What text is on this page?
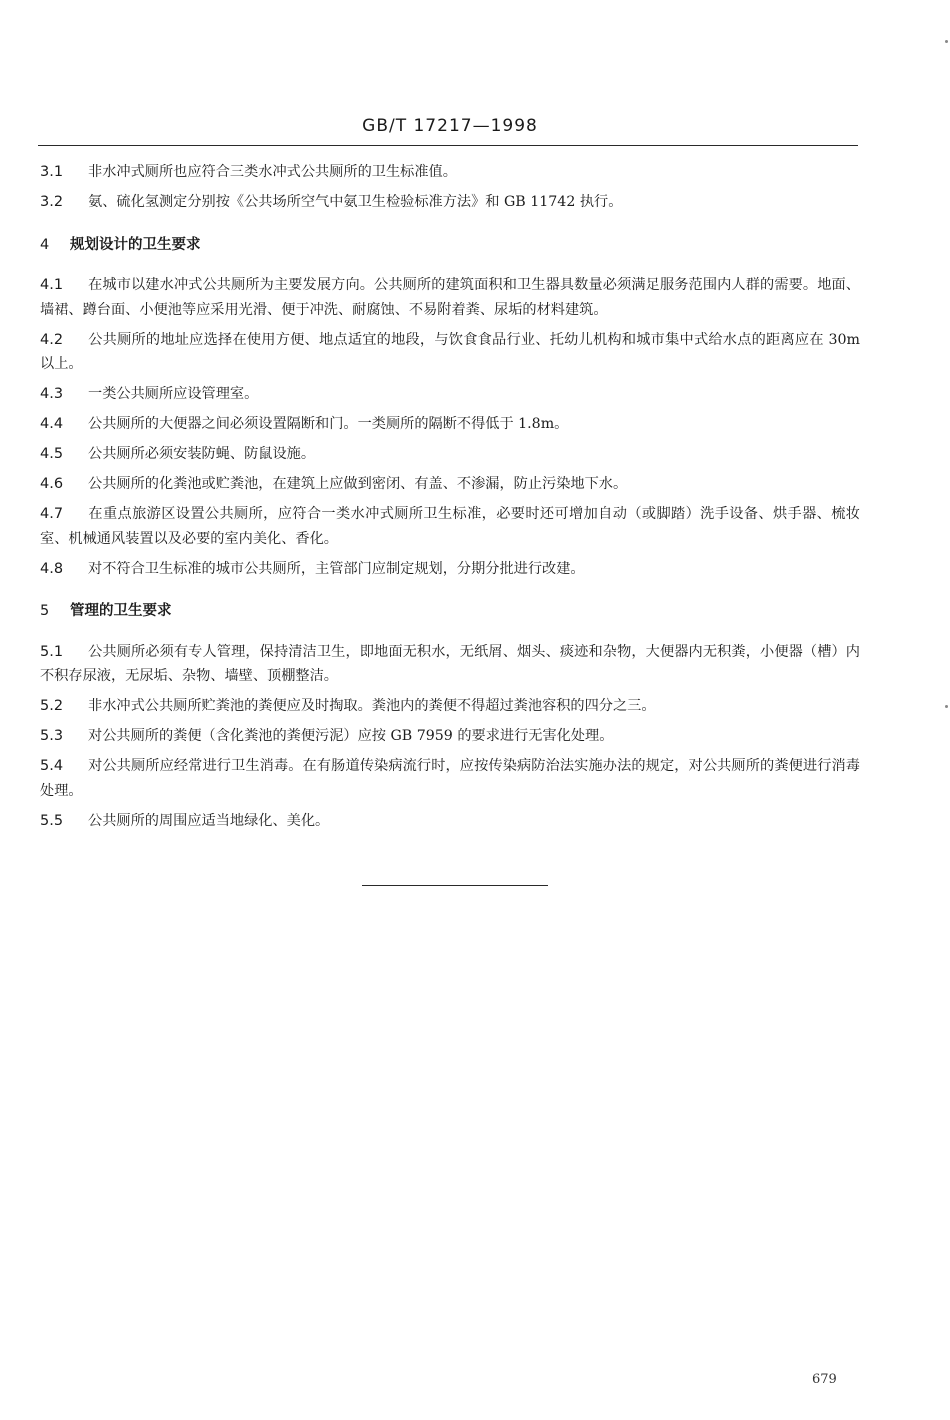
GB/T 17217—1998

3.1 非水冲式厕所也应符合三类水冲式公共厕所的卫生标准值。

3.2 氨、硫化氢测定分别按《公共场所空气中氨卫生检验标准方法》和 GB 11742 执行。

4 规划设计的卫生要求

4.1 在城市以建水冲式公共厕所为主要发展方向。公共厕所的建筑面积和卫生器具数量必须满足服务范围内人群的需要。地面、墙裙、蹲台面、小便池等应采用光滑、便于冲洗、耐腐蚀、不易附着粪、尿垢的材料建筑。

4.2 公共厕所的地址应选择在使用方便、地点适宜的地段，与饮食食品行业、托幼儿机构和城市集中式给水点的距离应在 30m 以上。

4.3 一类公共厕所应设管理室。

4.4 公共厕所的大便器之间必须设置隔断和门。一类厕所的隔断不得低于 1.8m。

4.5 公共厕所必须安装防蝇、防鼠设施。

4.6 公共厕所的化粪池或贮粪池，在建筑上应做到密闭、有盖、不渗漏，防止污染地下水。

4.7 在重点旅游区设置公共厕所，应符合一类水冲式厕所卫生标准，必要时还可增加自动（或脚踏）洗手设备、烘手器、梳妆室、机械通风装置以及必要的室内美化、香化。

4.8 对不符合卫生标准的城市公共厕所，主管部门应制定规划，分期分批进行改建。

5 管理的卫生要求

5.1 公共厕所必须有专人管理，保持清洁卫生，即地面无积水，无纸屑、烟头、痰迹和杂物，大便器内无积粪，小便器（槽）内不积存尿液，无尿垢、杂物、墙壁、顶棚整洁。

5.2 非水冲式公共厕所贮粪池的粪便应及时掏取。粪池内的粪便不得超过粪池容积的四分之三。

5.3 对公共厕所的粪便（含化粪池的粪便污泥）应按 GB 7959 的要求进行无害化处理。

5.4 对公共厕所应经常进行卫生消毒。在有肠道传染病流行时，应按传染病防治法实施办法的规定，对公共厕所的粪便进行消毒处理。

5.5 公共厕所的周围应适当地绿化、美化。

679
